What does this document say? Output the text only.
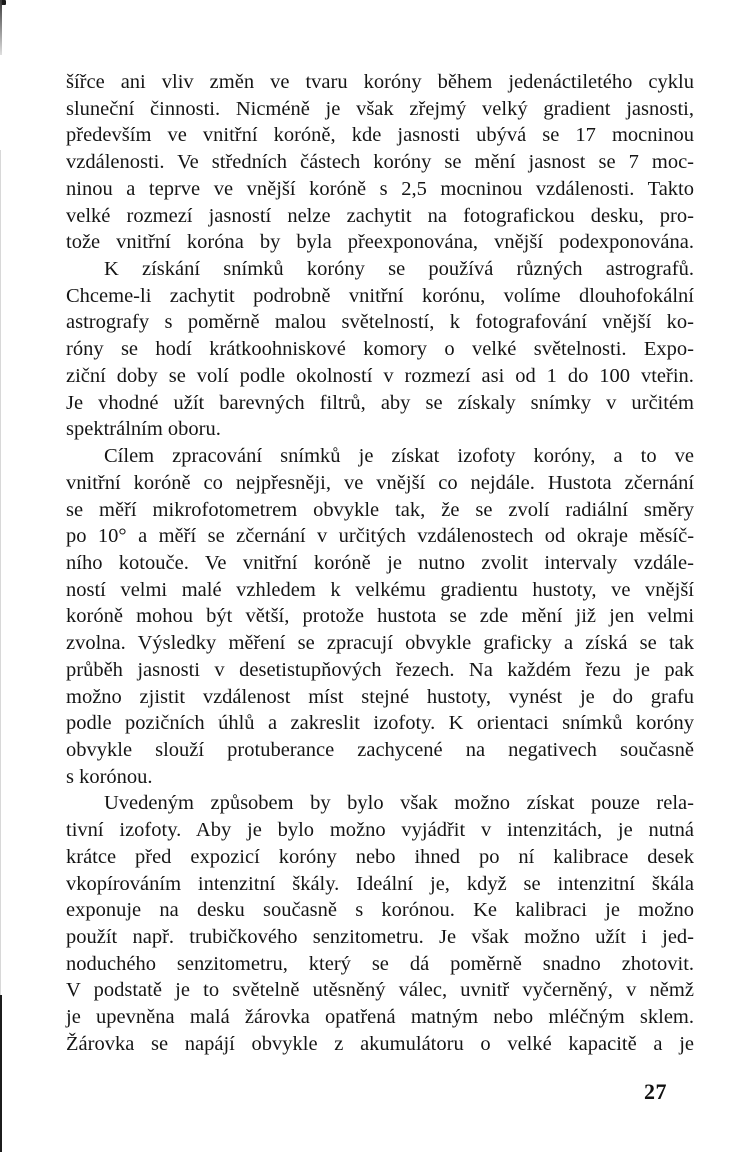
šířce ani vliv změn ve tvaru koróny během jedenáctiletého cyklu
sluneční činnosti. Nicméně je však zřejmý velký gradient jasnosti,
především ve vnitřní koróně, kde jasnosti ubývá se 17 mocninou
vzdálenosti. Ve středních částech koróny se mění jasnost se 7 moc-
ninou a teprve ve vnější koróně s 2,5 mocninou vzdálenosti. Takto
velké rozmezí jasností nelze zachytit na fotografickou desku, pro-
tože vnitřní koróna by byla přeexponována, vnější podexponována.
K získání snímků koróny se používá různých astrografů.
Chceme-li zachytit podrobně vnitřní korónu, volíme dlouhofokální
astrografy s poměrně malou světelností, k fotografování vnější ko-
róny se hodí krátkoohniskové komory o velké světelnosti. Expo-
ziční doby se volí podle okolností v rozmezí asi od 1 do 100 vteřin.
Je vhodné užít barevných filtrů, aby se získaly snímky v určitém
spektrálním oboru.
Cílem zpracování snímků je získat izofoty koróny, a to ve
vnitřní koróně co nejpřesněji, ve vnější co nejdále. Hustota zčernání
se měří mikrofotometrem obvykle tak, že se zvolí radiální směry
po 10° a měří se zčernání v určitých vzdálenostech od okraje měsíč-
ního kotouče. Ve vnitřní koróně je nutno zvolit intervaly vzdále-
ností velmi malé vzhledem k velkému gradientu hustoty, ve vnější
koróně mohou být větší, protože hustota se zde mění již jen velmi
zvolna. Výsledky měření se zpracují obvykle graficky a získá se tak
průběh jasnosti v desetistupňových řezech. Na každém řezu je pak
možno zjistit vzdálenost míst stejné hustoty, vynést je do grafu
podle pozičních úhlů a zakreslit izofoty. K orientaci snímků koróny
obvykle slouží protuberance zachycené na negativech současně
s korónou.
Uvedeným způsobem by bylo však možno získat pouze rela-
tivní izofoty. Aby je bylo možno vyjádřit v intenzitách, je nutná
krátce před expozicí koróny nebo ihned po ní kalibrace desek
vkopírováním intenzitní škály. Ideální je, když se intenzitní škála
exponuje na desku současně s korónou. Ke kalibraci je možno
použít např. trubičkového senzitometru. Je však možno užít i jed-
noduchého senzitometru, který se dá poměrně snadno zhotovit.
V podstatě je to světelně utěsněný válec, uvnitř vyčerněný, v němž
je upevněna malá žárovka opatřená matným nebo mléčným sklem.
Žárovka se napájí obvykle z akumulátoru o velké kapacitě a je
27
